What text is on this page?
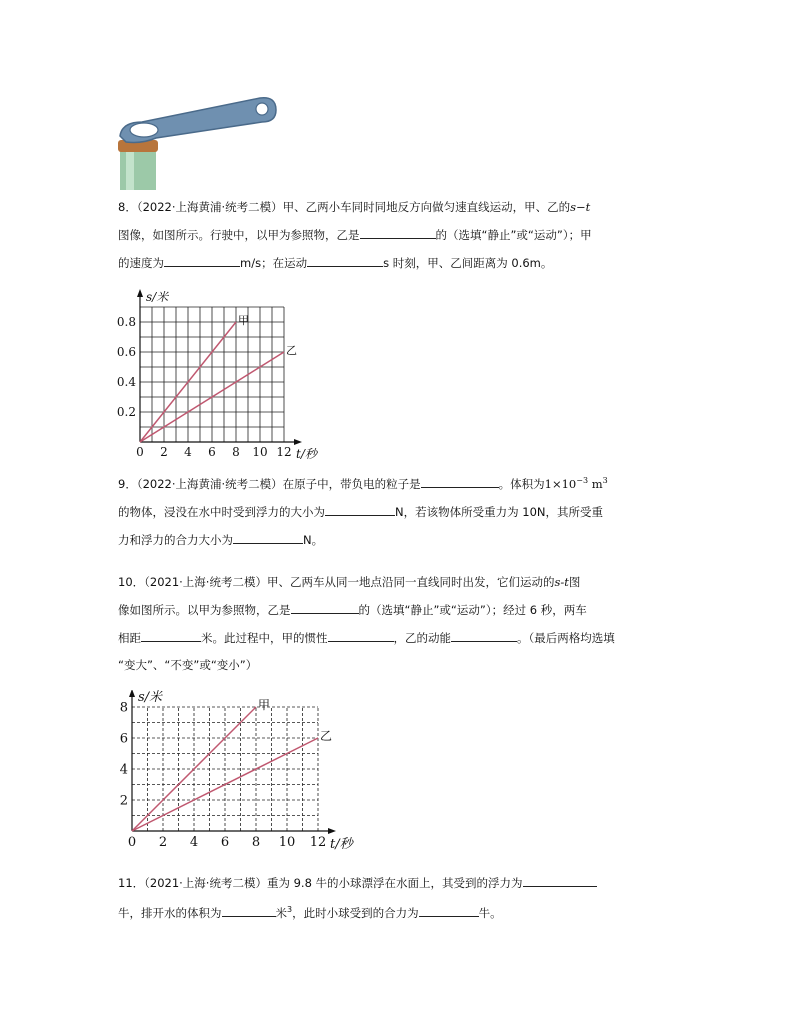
8．（2022·上海黄浦·统考二模）甲、乙两小车同时同地反方向做匀速直线运动，甲、乙的s−t

图像，如图所示。行驶中，以甲为参照物，乙是	的（选填“静止”或“运动”）；甲

的速度为	m/s；在运动	s 时刻，甲、乙间距离为 0.6m。

0 2 4 6 8 10 12
0.2
0.4
0.6
0.8
s/米
t/秒
甲
乙

9．（2022·上海黄浦·统考二模）在原子中，带负电的粒子是	。体积为$1\times 10^{-3}$ $m^3$

的物体，浸没在水中时受到浮力的大小为	N，若该物体所受重力为 10N，其所受重

力和浮力的合力大小为	N。

10．（2021·上海·统考二模）甲、乙两车从同一地点沿同一直线同时出发，它们运动的s-t图

像如图所示。以甲为参照物，乙是	的（选填“静止”或“运动”）；经过 6 秒，两车

相距	米。此过程中，甲的惯性	，乙的动能	。（最后两格均选填

“变大”、“不变”或“变小”）

0 2 4 6 8 10 12
2
4
6
8
s/米
t/秒
甲
乙

11．（2021·上海·统考二模）重为 9.8 牛的小球漂浮在水面上，其受到的浮力为

牛，排开水的体积为	米$^3$，此时小球受到的合力为	牛。
